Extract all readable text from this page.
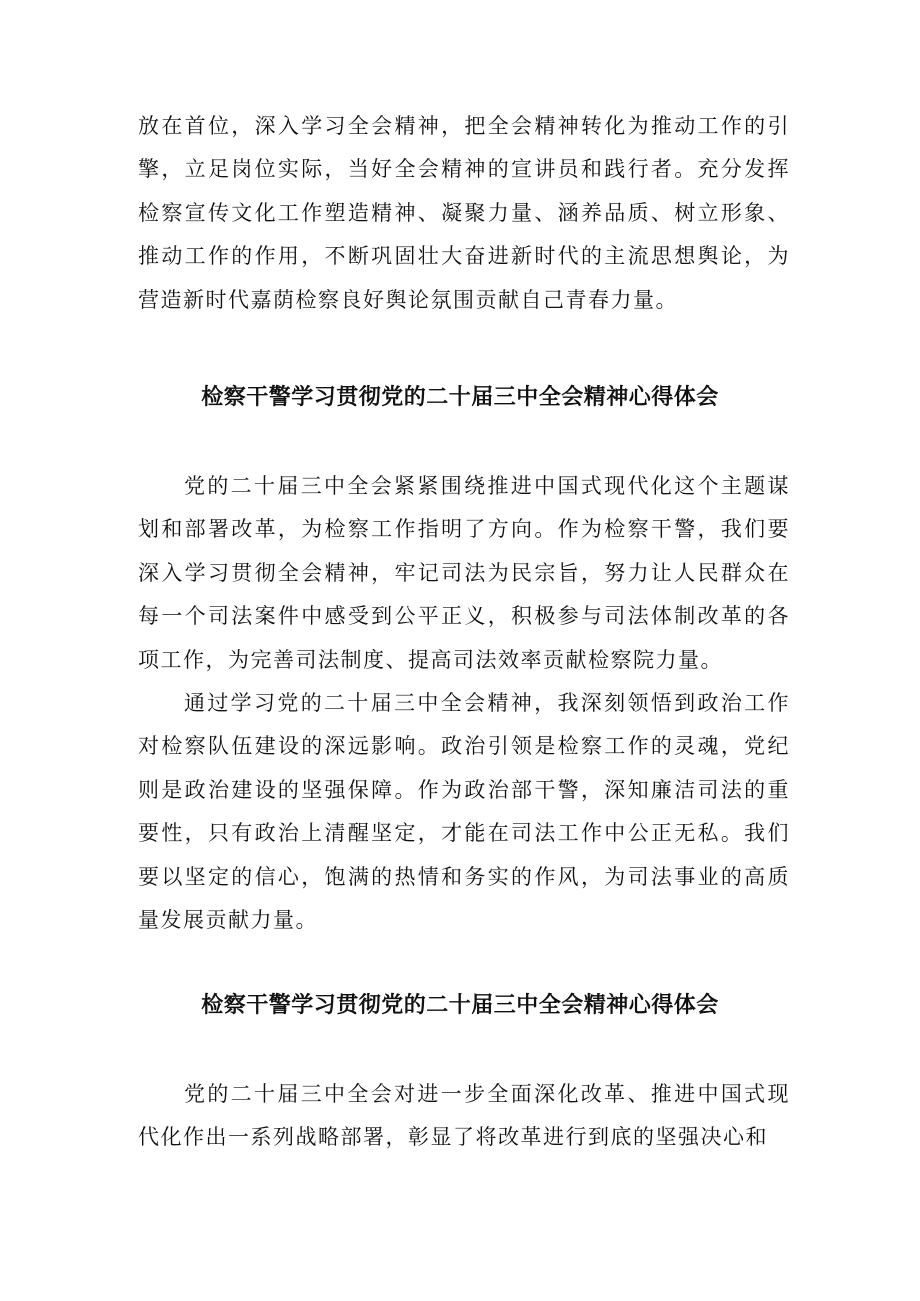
放在首位，深入学习全会精神，把全会精神转化为推动工作的引擎，立足岗位实际，当好全会精神的宣讲员和践行者。充分发挥检察宣传文化工作塑造精神、凝聚力量、涵养品质、树立形象、推动工作的作用，不断巩固壮大奋进新时代的主流思想舆论，为营造新时代嘉荫检察良好舆论氛围贡献自己青春力量。

检察干警学习贯彻党的二十届三中全会精神心得体会

党的二十届三中全会紧紧围绕推进中国式现代化这个主题谋划和部署改革，为检察工作指明了方向。作为检察干警，我们要深入学习贯彻全会精神，牢记司法为民宗旨，努力让人民群众在每一个司法案件中感受到公平正义，积极参与司法体制改革的各项工作，为完善司法制度、提高司法效率贡献检察院力量。

通过学习党的二十届三中全会精神，我深刻领悟到政治工作对检察队伍建设的深远影响。政治引领是检察工作的灵魂，党纪则是政治建设的坚强保障。作为政治部干警，深知廉洁司法的重要性，只有政治上清醒坚定，才能在司法工作中公正无私。我们要以坚定的信心，饱满的热情和务实的作风，为司法事业的高质量发展贡献力量。

检察干警学习贯彻党的二十届三中全会精神心得体会

党的二十届三中全会对进一步全面深化改革、推进中国式现代化作出一系列战略部署，彰显了将改革进行到底的坚强决心和
